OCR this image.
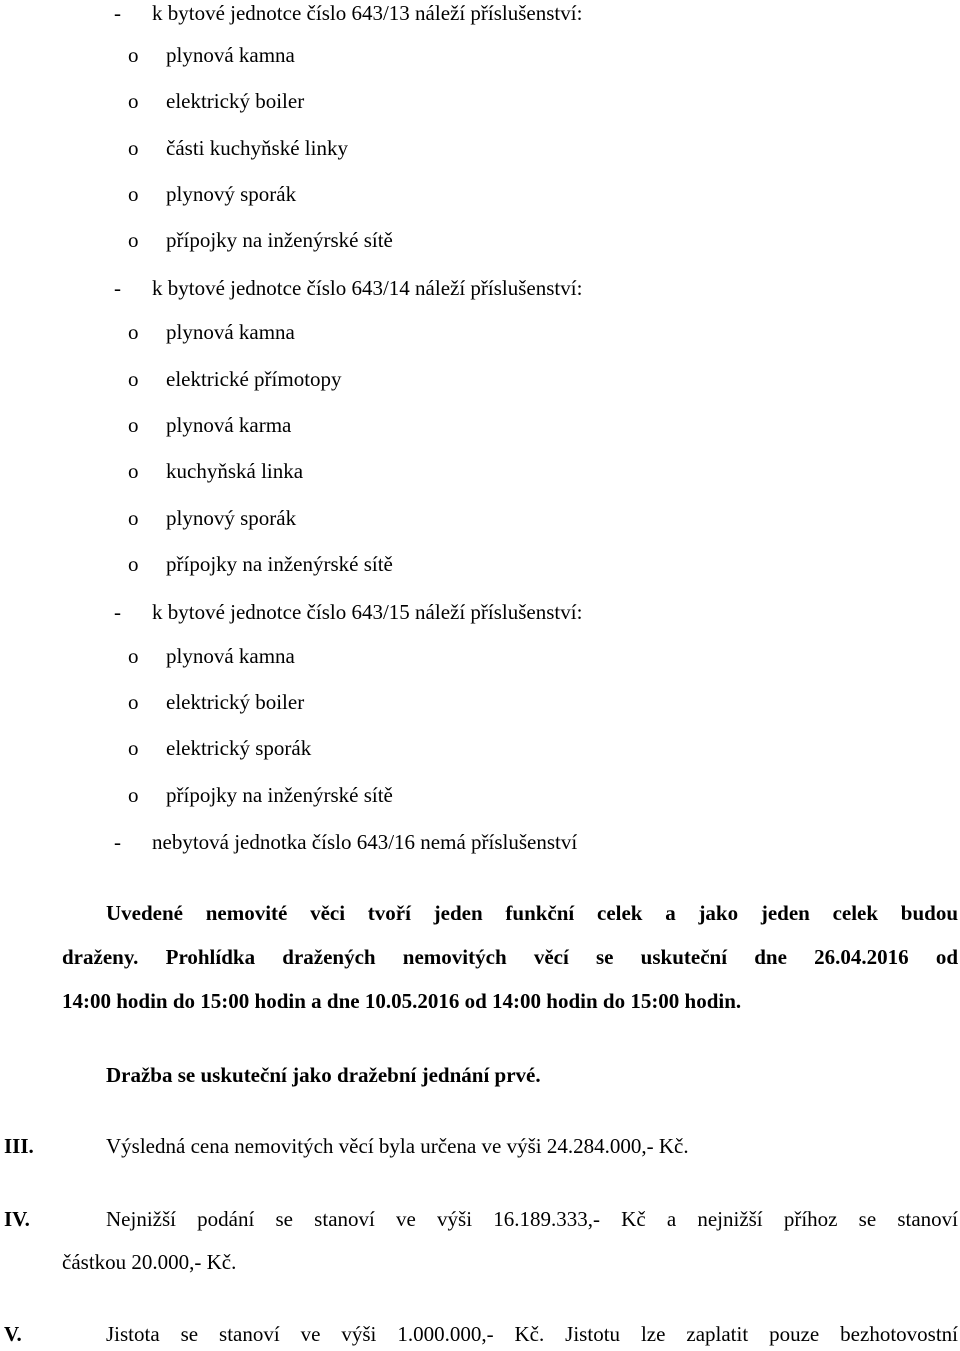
- k bytové jednotce číslo 643/13 náleží příslušenství:
o plynová kamna
o elektrický boiler
o části kuchyňské linky
o plynový sporák
o přípojky na inženýrské sítě
- k bytové jednotce číslo 643/14 náleží příslušenství:
o plynová kamna
o elektrické přímotopy
o plynová karma
o kuchyňská linka
o plynový sporák
o přípojky na inženýrské sítě
- k bytové jednotce číslo 643/15 náleží příslušenství:
o plynová kamna
o elektrický boiler
o elektrický sporák
o přípojky na inženýrské sítě
- nebytová jednotka číslo 643/16 nemá příslušenství
Uvedené nemovité věci tvoří jeden funkční celek a jako jeden celek budou
draženy. Prohlídka dražených nemovitých věcí se uskuteční dne 26.04.2016 od
14:00 hodin do 15:00 hodin a dne 10.05.2016 od 14:00 hodin do 15:00 hodin.
Dražba se uskuteční jako dražební jednání prvé.
III.	Výsledná cena nemovitých věcí byla určena ve výši 24.284.000,- Kč.
IV.	Nejnižší podání se stanoví ve výši 16.189.333,- Kč a nejnižší příhoz se stanoví
částkou 20.000,- Kč.
V.	Jistota se stanoví ve výši 1.000.000,- Kč. Jistotu lze zaplatit pouze bezhotovostní
